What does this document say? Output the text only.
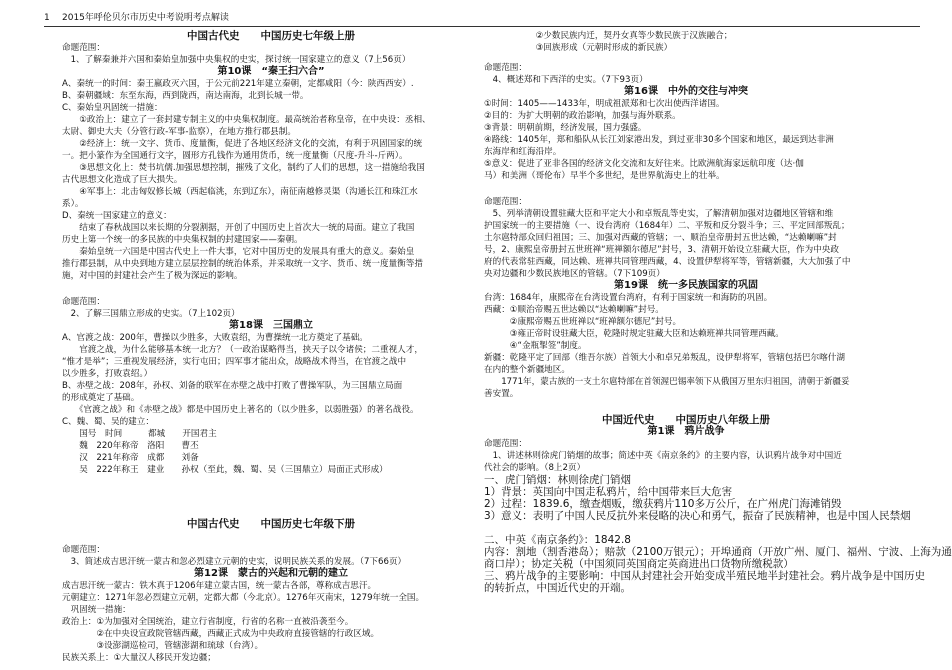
1 2015年呼伦贝尔市历史中考说明考点解读
中国古代史　　中国历史七年级上册
命题范围：
　1、了解秦兼并六国和秦始皇加强中央集权的史实，探讨统一国家建立的意义（7上56页）
第10课　“秦王扫六合”
A、秦统一的时间：秦王嬴政灭六国，于公元前221年建立秦朝，定都咸阳（今：陕西西安）.
B、秦朝疆域：东至东海，西到陇西，南达南海，北到长城一带。
C、秦始皇巩固统一措施：
　　①政治上：建立了一套封建专制主义的中央集权制度。最高统治者称皇帝，在中央设：丞相、
太尉、御史大夫（分管行政-军事-监察），在地方推行郡县制。
　　②经济上：统一文字、货币、度量衡，促进了各地区经济文化的交流，有利于巩固国家的统
一。把小篆作为全国通行文字，圆形方孔钱作为通用货币，统一度量衡（尺度-升斗-斤两）。
　　③思想文化上：焚书坑儒.加强思想控制，摧残了文化，制约了人们的思想，这一措施给我国
古代思想文化造成了巨大损失。
　　④军事上：北击匈奴修长城（西起临洮，东到辽东），南征南越修灵渠（沟通长江和珠江水
系）。
D、秦统一国家建立的意义：
　　结束了春秋战国以来长期的分裂割据，开创了中国历史上首次大一统的局面。建立了我国
历史上第一个统一的多民族的中央集权制的封建国家——秦朝。
　　秦始皇统一六国是中国古代史上一件大事，它对中国历史的发展具有重大的意义。秦始皇
推行郡县制，从中央到地方建立层层控制的统治体系，并采取统一文字、货币、统一度量衡等措
施，对中国的封建社会产生了极为深远的影响。
命题范围：
　2、了解三国鼎立形成的史实。（7上102页）
第18课　三国鼎立
A、官渡之战：200年，曹操以少胜多，大败袁绍，为曹操统一北方奠定了基础。
　　官渡之战，为什么能够基本统一北方？（一政治谋略得当，挟天子以令诸侯；二重视人才，
“惟才是举”；三重视发展经济，实行屯田；四军事才能出众，战略战术得当，在官渡之战中
以少胜多，打败袁绍。）
B、赤壁之战：208年，孙权、刘备的联军在赤壁之战中打败了曹操军队，为三国鼎立局面
的形成奠定了基础。
　　《官渡之战》和《赤壁之战》都是中国历史上著名的（以少胜多，以弱胜强）的著名战役。
C、魏、蜀、吴的建立：
　　国号　时间　　　都城　　开国君主
　　魏　220年称帝　洛阳　　曹丕
　　汉　221年称帝　成都　　刘备
　　吴　222年称王　建业　　孙权（至此，魏、蜀、吴（三国鼎立）局面正式形成）
中国古代史　　中国历史七年级下册
命题范围：
　3、简述成吉思汗统一蒙古和忽必烈建立元朝的史实，说明民族关系的发展。（7下66页）
第12课　蒙古的兴起和元朝的建立
成吉思汗统一蒙古：铁木真于1206年建立蒙古国，统一蒙古各部，尊称成吉思汗。
元朝建立：1271年忽必烈建立元朝，定都大都（今北京）。1276年灭南宋，1279年统一全国。
　巩固统一措施：
政治上：①为加强对全国统治，建立行省制度，行省的名称一直被沿袭至今。
　　　　②在中央设宣政院管辖西藏，西藏正式成为中央政府直接管辖的行政区域。
　　　　③设澎湖巡检司，管辖澎湖和琉球（台湾）。
民族关系上：①大量汉人移民开发边疆；
　　　　　　②少数民族内迁，契丹女真等少数民族于汉族融合；
　　　　　　③回族形成（元朝时形成的新民族）
命题范围：
　4、概述郑和下西洋的史实。（7下93页）
第16课　中外的交往与冲突
①时间：1405——1433年，明成祖派郑和七次出使西洋诸国。
②目的：为扩大明朝的政治影响，加强与海外联系。
③背景：明朝前期，经济发展，国力强盛。
④路线：1405年，郑和船队从长江刘家港出发，到过亚非30多个国家和地区，最远到达非洲
东海岸和红海沿岸。
⑤意义：促进了亚非各国的经济文化交流和友好往来。比欧洲航海家远航印度（达·伽
马）和美洲（哥伦布）早半个多世纪，是世界航海史上的壮举。
命题范围：
　5、列举清朝设置驻藏大臣和平定大小和卓叛乱等史实，了解清朝加强对边疆地区管辖和维
护国家统一的主要措施（一、设台湾府（1684年）二、平叛和反分裂斗争；三、平定回部叛乱；
土尔扈特部众回归祖国；三、加强对西藏的管辖；一、顺治皇帝册封五世达赖，“达赖喇嘛”封
号，2、康熙皇帝册封五世班禅“班禅额尔德尼”封号，3、清朝开始设立驻藏大臣，作为中央政
府的代表常驻西藏，同达赖、班禅共同管理西藏，4、设置伊犁将军等，管辖新疆，大大加强了中
央对边疆和少数民族地区的管辖。（7下109页）
第19课　统一多民族国家的巩固
台湾：1684年，康熙帝在台湾设置台湾府，有利于国家统一和海防的巩固。
西藏：①顺治帝赐五世达赖以“达赖喇嘛”封号。
　　　②康熙帝赐五世班禅以“班禅额尔德尼”封号。
　　　③雍正帝时设驻藏大臣，乾隆时规定驻藏大臣和达赖班禅共同管理西藏。
　　　④“金瓶掣签”制度。
新疆：乾隆平定了回部（维吾尔族）首领大小和卓兄弟叛乱，设伊犁将军，管辖包括巴尔喀什湖
在内的整个新疆地区。
　　1771年，蒙古族的一支土尔扈特部在首领渥巴锡率领下从俄国万里东归祖国，清朝于新疆妥
善安置。
中国近代史　　中国历史八年级上册
第1课　鸦片战争
命题范围：
　1、讲述林则徐虎门销烟的故事；简述中英《南京条约》的主要内容，认识鸦片战争对中国近
代社会的影响。（8上2页）
一、虎门销烟：林则徐虎门销烟
1）背景：英国向中国走私鸦片，给中国带来巨大危害
2）过程：1839.6，缴查烟贩，缴获鸦片110多万公斤，在广州虎门海滩销毁
3）意义：表明了中国人民反抗外来侵略的决心和勇气，振奋了民族精神，也是中国人民禁烟
二、中英《南京条约》：1842.8
内容：割地（割香港岛）；赔款（2100万银元）；开埠通商（开放广州、厦门、福州、宁波、上海为通
商口岸）；协定关税（中国须同英国商定英商进出口货物所缴税款）
三、鸦片战争的主要影响：中国从封建社会开始变成半殖民地半封建社会。鸦片战争是中国历史
的转折点，中国近代史的开端。
